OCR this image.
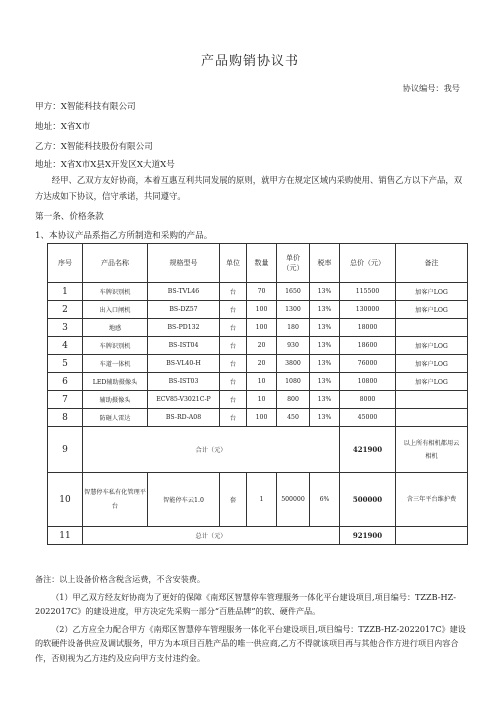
产品购销协议书
协议编号：我号
甲方：X智能科技有限公司
地址：X省X市
乙方：X智能科技股份有限公司
地址：X省X市X县X开发区X大道X号
经甲、乙双方友好协商，本着互惠互利共同发展的原则，就甲方在规定区域内采购使用、销售乙方以下产品，双方达成如下协议，信守承诺，共同遵守。
第一条、价格条款
1、本协议产品系指乙方所制造和采购的产品。
序号	产品名称	规格型号	单位	数量	单价（元）	税率	总价（元）	备注
1	车牌识别机	BS-TVL46	台	70	1650	13%	115500	加客户LOG
2	出入口闸机	BS-DZ57	台	100	1300	13%	130000	加客户LOG
3	地感	BS-PD132	台	100	180	13%	18000	
4	车牌识别机	BS-IST04	台	20	930	13%	18600	加客户LOG
5	车道一体机	BS-VL40-H	台	20	3800	13%	76000	加客户LOG
6	LED辅助摄像头	BS-IST03	台	10	1080	13%	10800	加客户LOG
7	辅助摄像头	ECV85-V3021C-P	台	10	800	13%	8000	
8	防砸人雷达	BS-RD-A08	台	100	450	13%	45000	
9	合计（元）						421900	以上所有相机都用云相机
10	智慧停车私有化管理平台	智能停车云1.0	套	1	500000	6%	500000	含三年平台维护费
11	总计（元）						921900	

备注：以上设备价格含税含运费，不含安装费。

（1）甲乙双方经友好协商为了更好的保障《南郑区智慧停车管理服务一体化平台建设项目,项目编号：TZZB-HZ-2022017C》的建设进度，甲方决定先采购一部分“百胜品牌”的软、硬件产品。

（2）乙方应全力配合甲方《南郑区智慧停车管理服务一体化平台建设项目,项目编号：TZZB-HZ-2022017C》建设的软硬件设备供应及调试服务，甲方为本项目百胜产品的唯一供应商,乙方不得就该项目再与其他合作方进行项目内容合作，否则视为乙方违约及应向甲方支付违约金。
